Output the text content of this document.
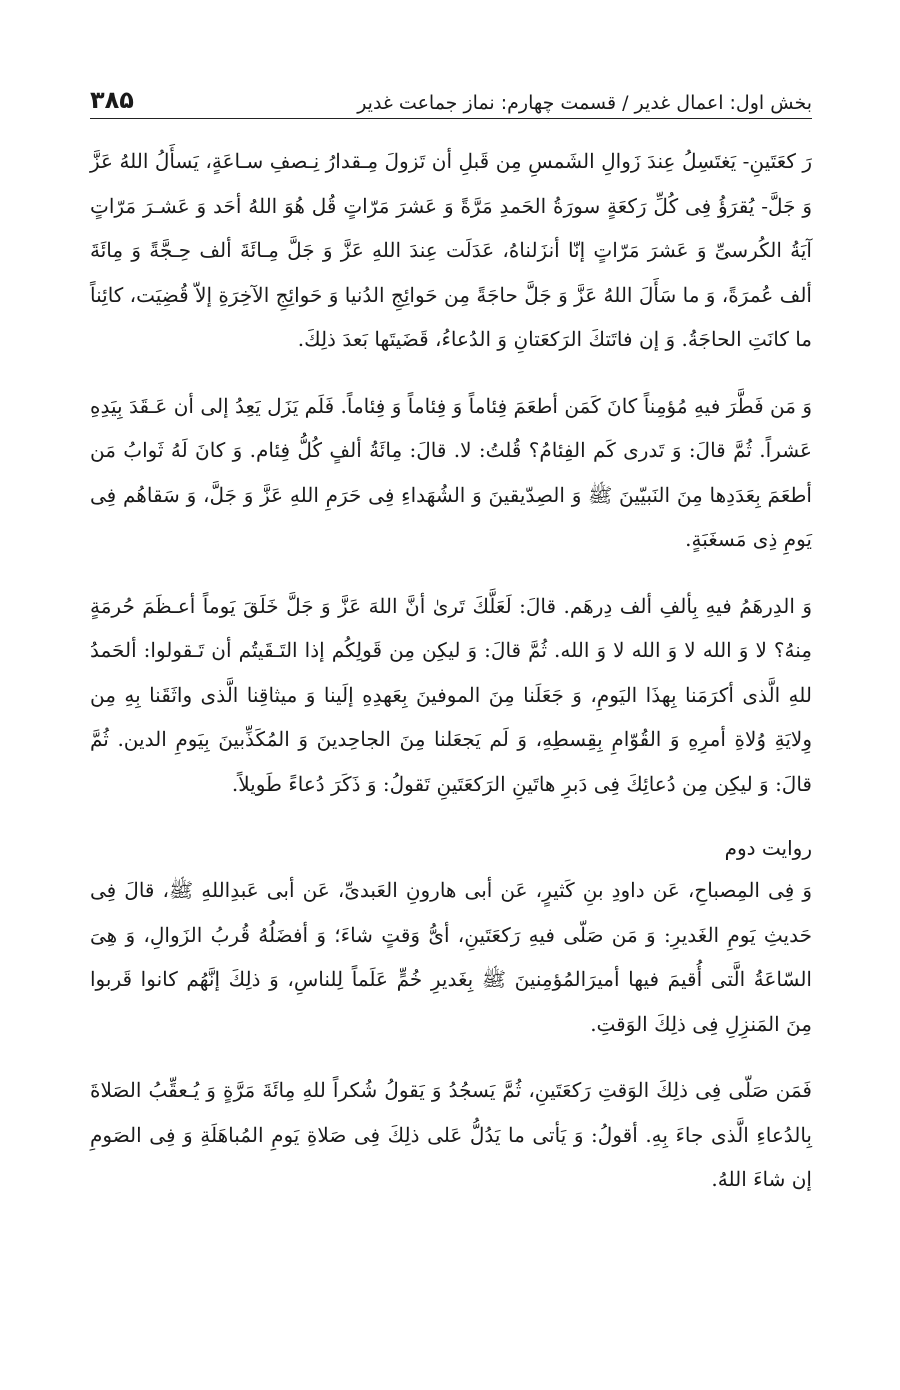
بخش اول: اعمال غدیر / قسمت چهارم: نماز جماعت غدیر
۳۸۵

رَ كعَتَينِ- يَغتَسِلُ عِندَ زَوالِ الشَمسِ مِن قَبلِ أن تَزولَ مِـقدارُ نِـصفِ سـاعَةٍ، يَسأَلُ اللهُ عَزَّ وَ جَلَّ- يُقرَؤُ فِى كُلِّ رَكعَةٍ سورَةُ الحَمدِ مَرَّةً وَ عَشرَ مَرّاتٍ قُل هُوَ اللهُ أحَد وَ عَشـرَ مَرّاتٍ آيَةُ الكُرسىِّ وَ عَشرَ مَرّاتٍ إنّا أنزَلناهُ، عَدَلَت عِندَ اللهِ عَزَّ وَ جَلَّ مِـائَةَ ألف حِـجَّةً وَ مِائَةَ ألف عُمرَةً، وَ ما سَأَلَ اللهُ عَزَّ وَ جَلَّ حاجَةً مِن حَوائِجِ الدُنيا وَ حَوائِجِ الآخِرَةِ إلاّ قُضِيَت، كائِناً ما كانَتِ الحاجَةُ. وَ إن فاتَتكَ الرَكعَتانِ وَ الدُعاءُ، قَضَيتَها بَعدَ ذلِكَ.

وَ مَن فَطَّرَ فيهِ مُؤمِناً كانَ كَمَن أطعَمَ فِئاماً وَ فِئاماً وَ فِئاماً. فَلَم يَزَل يَعِدُ إلى أن عَـقَدَ بِيَدِهِ عَشراً. ثُمَّ قالَ: وَ تَدرى كَم الفِئامُ؟ قُلتُ: لا. قالَ: مِائَةُ ألفٍ كُلُّ فِئام. وَ كانَ لَهُ ثَوابُ مَن أطعَمَ بِعَدَدِها مِنَ النَبيّينَ ﷺ وَ الصِدّيقينَ وَ الشُهَداءِ فِى حَرَمِ اللهِ عَزَّ وَ جَلَّ، وَ سَقاهُم فِى يَومِ ذِى مَسغَبَةٍ.

وَ الدِرهَمُ فيهِ بِألفِ ألف دِرهَم. قالَ: لَعَلَّكَ تَرىٰ أنَّ اللهَ عَزَّ وَ جَلَّ خَلَقَ يَوماً أعـظَمَ حُرمَةٍ مِنهُ؟ لا وَ الله لا وَ الله لا وَ الله. ثُمَّ قالَ: وَ ليكِن مِن قَولِكُم إذا التَـقَيتُم أن تَـقولوا: ألحَمدُ للهِ الَّذى أكرَمَنا بِهذَا اليَومِ، وَ جَعَلَنا مِنَ الموفينَ بِعَهدِهِ إلَينا وَ ميثاقِنا الَّذى واثَقَنا بِهِ مِن وِلايَةِ وُلاةِ أمرِهِ وَ القُوّامِ بِقِسطِهِ، وَ لَم يَجعَلنا مِنَ الجاحِدينَ وَ المُكَذِّبينَ بِيَومِ الدين. ثُمَّ قالَ: وَ ليكِن مِن دُعائِكَ فِى دَبرِ هاتَينِ الرَكعَتَينِ تَقولُ: وَ ذَكَرَ دُعاءً طَويلاً.

روايت دوم

وَ فِى المِصباحِ، عَن داودِ بنِ كَثيرٍ، عَن أبى هارونِ العَبدىِّ، عَن أبى عَبدِاللهِ ﷺ، قالَ فِى حَديثِ يَومِ الغَديرِ: وَ مَن صَلّى فيهِ رَكعَتَينِ، أىُّ وَقتٍ شاءَ؛ وَ أفضَلُهُ قُربُ الزَوالِ، وَ هِىَ السّاعَةُ الَّتى أُقيمَ فيها أميرَالمُؤمِنينَ ﷺ بِغَديرِ خُمٍّ عَلَماً لِلناسِ، وَ ذلِكَ إنَّهُم كانوا قَربوا مِنَ المَنزِلِ فِى ذلِكَ الوَقتِ.

فَمَن صَلّى فِى ذلِكَ الوَقتِ رَكعَتَينِ، ثُمَّ يَسجُدُ وَ يَقولُ شُكراً للهِ مِائَةَ مَرَّةٍ وَ يُـعقِّبُ الصَلاةَ بِالدُعاءِ الَّذى جاءَ بِهِ. أقولُ: وَ يَأتى ما يَدُلُّ عَلى ذلِكَ فِى صَلاةِ يَومِ المُباهَلَةِ وَ فِى الصَومِ إن شاءَ اللهُ.
